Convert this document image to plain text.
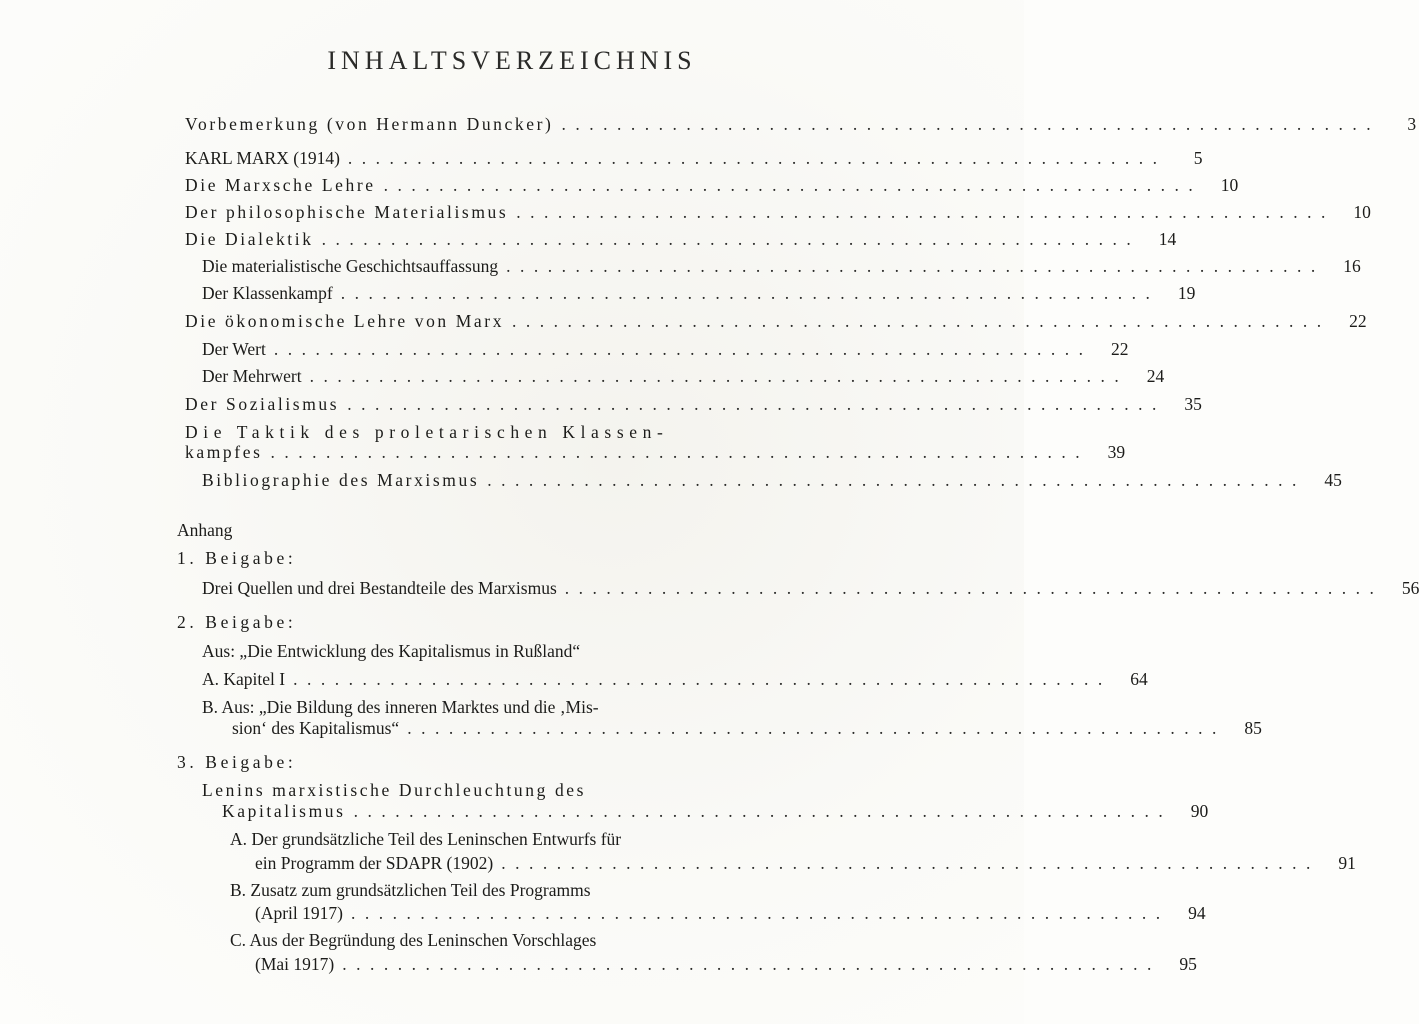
INHALTSVERZEICHNIS
Vorbemerkung (von Hermann Duncker) ...........................................................	3
KARL MARX (1914) ...........................................................	5
Die Marxsche Lehre ...........................................................	10
Der philosophische Materialismus ...........................................................	10
Die Dialektik ...........................................................	14
Die materialistische Geschichtsauffassung ...........................................................	16
Der Klassenkampf ...........................................................	19
Die ökonomische Lehre von Marx ...........................................................	22
Der Wert ...........................................................	22
Der Mehrwert ...........................................................	24
Der Sozialismus ...........................................................	35
Die Taktik des proletarischen Klassen-
kampfes ...........................................................	39
Bibliographie des Marxismus ...........................................................	45
Anhang
1. Beigabe:
Drei Quellen und drei Bestandteile des Marxismus ...........................................................	56
2. Beigabe:
Aus: „Die Entwicklung des Kapitalismus in Rußland“
A. Kapitel I ...........................................................	64
B. Aus: „Die Bildung des inneren Marktes und die ‚Mis-
sion‘ des Kapitalismus“ ...........................................................	85
3. Beigabe:
Lenins marxistische Durchleuchtung des
Kapitalismus ...........................................................	90
A. Der grundsätzliche Teil des Leninschen Entwurfs für
ein Programm der SDAPR (1902) ...........................................................	91
B. Zusatz zum grundsätzlichen Teil des Programms
(April 1917) ...........................................................	94
C. Aus der Begründung des Leninschen Vorschlages
(Mai 1917) ...........................................................	95
